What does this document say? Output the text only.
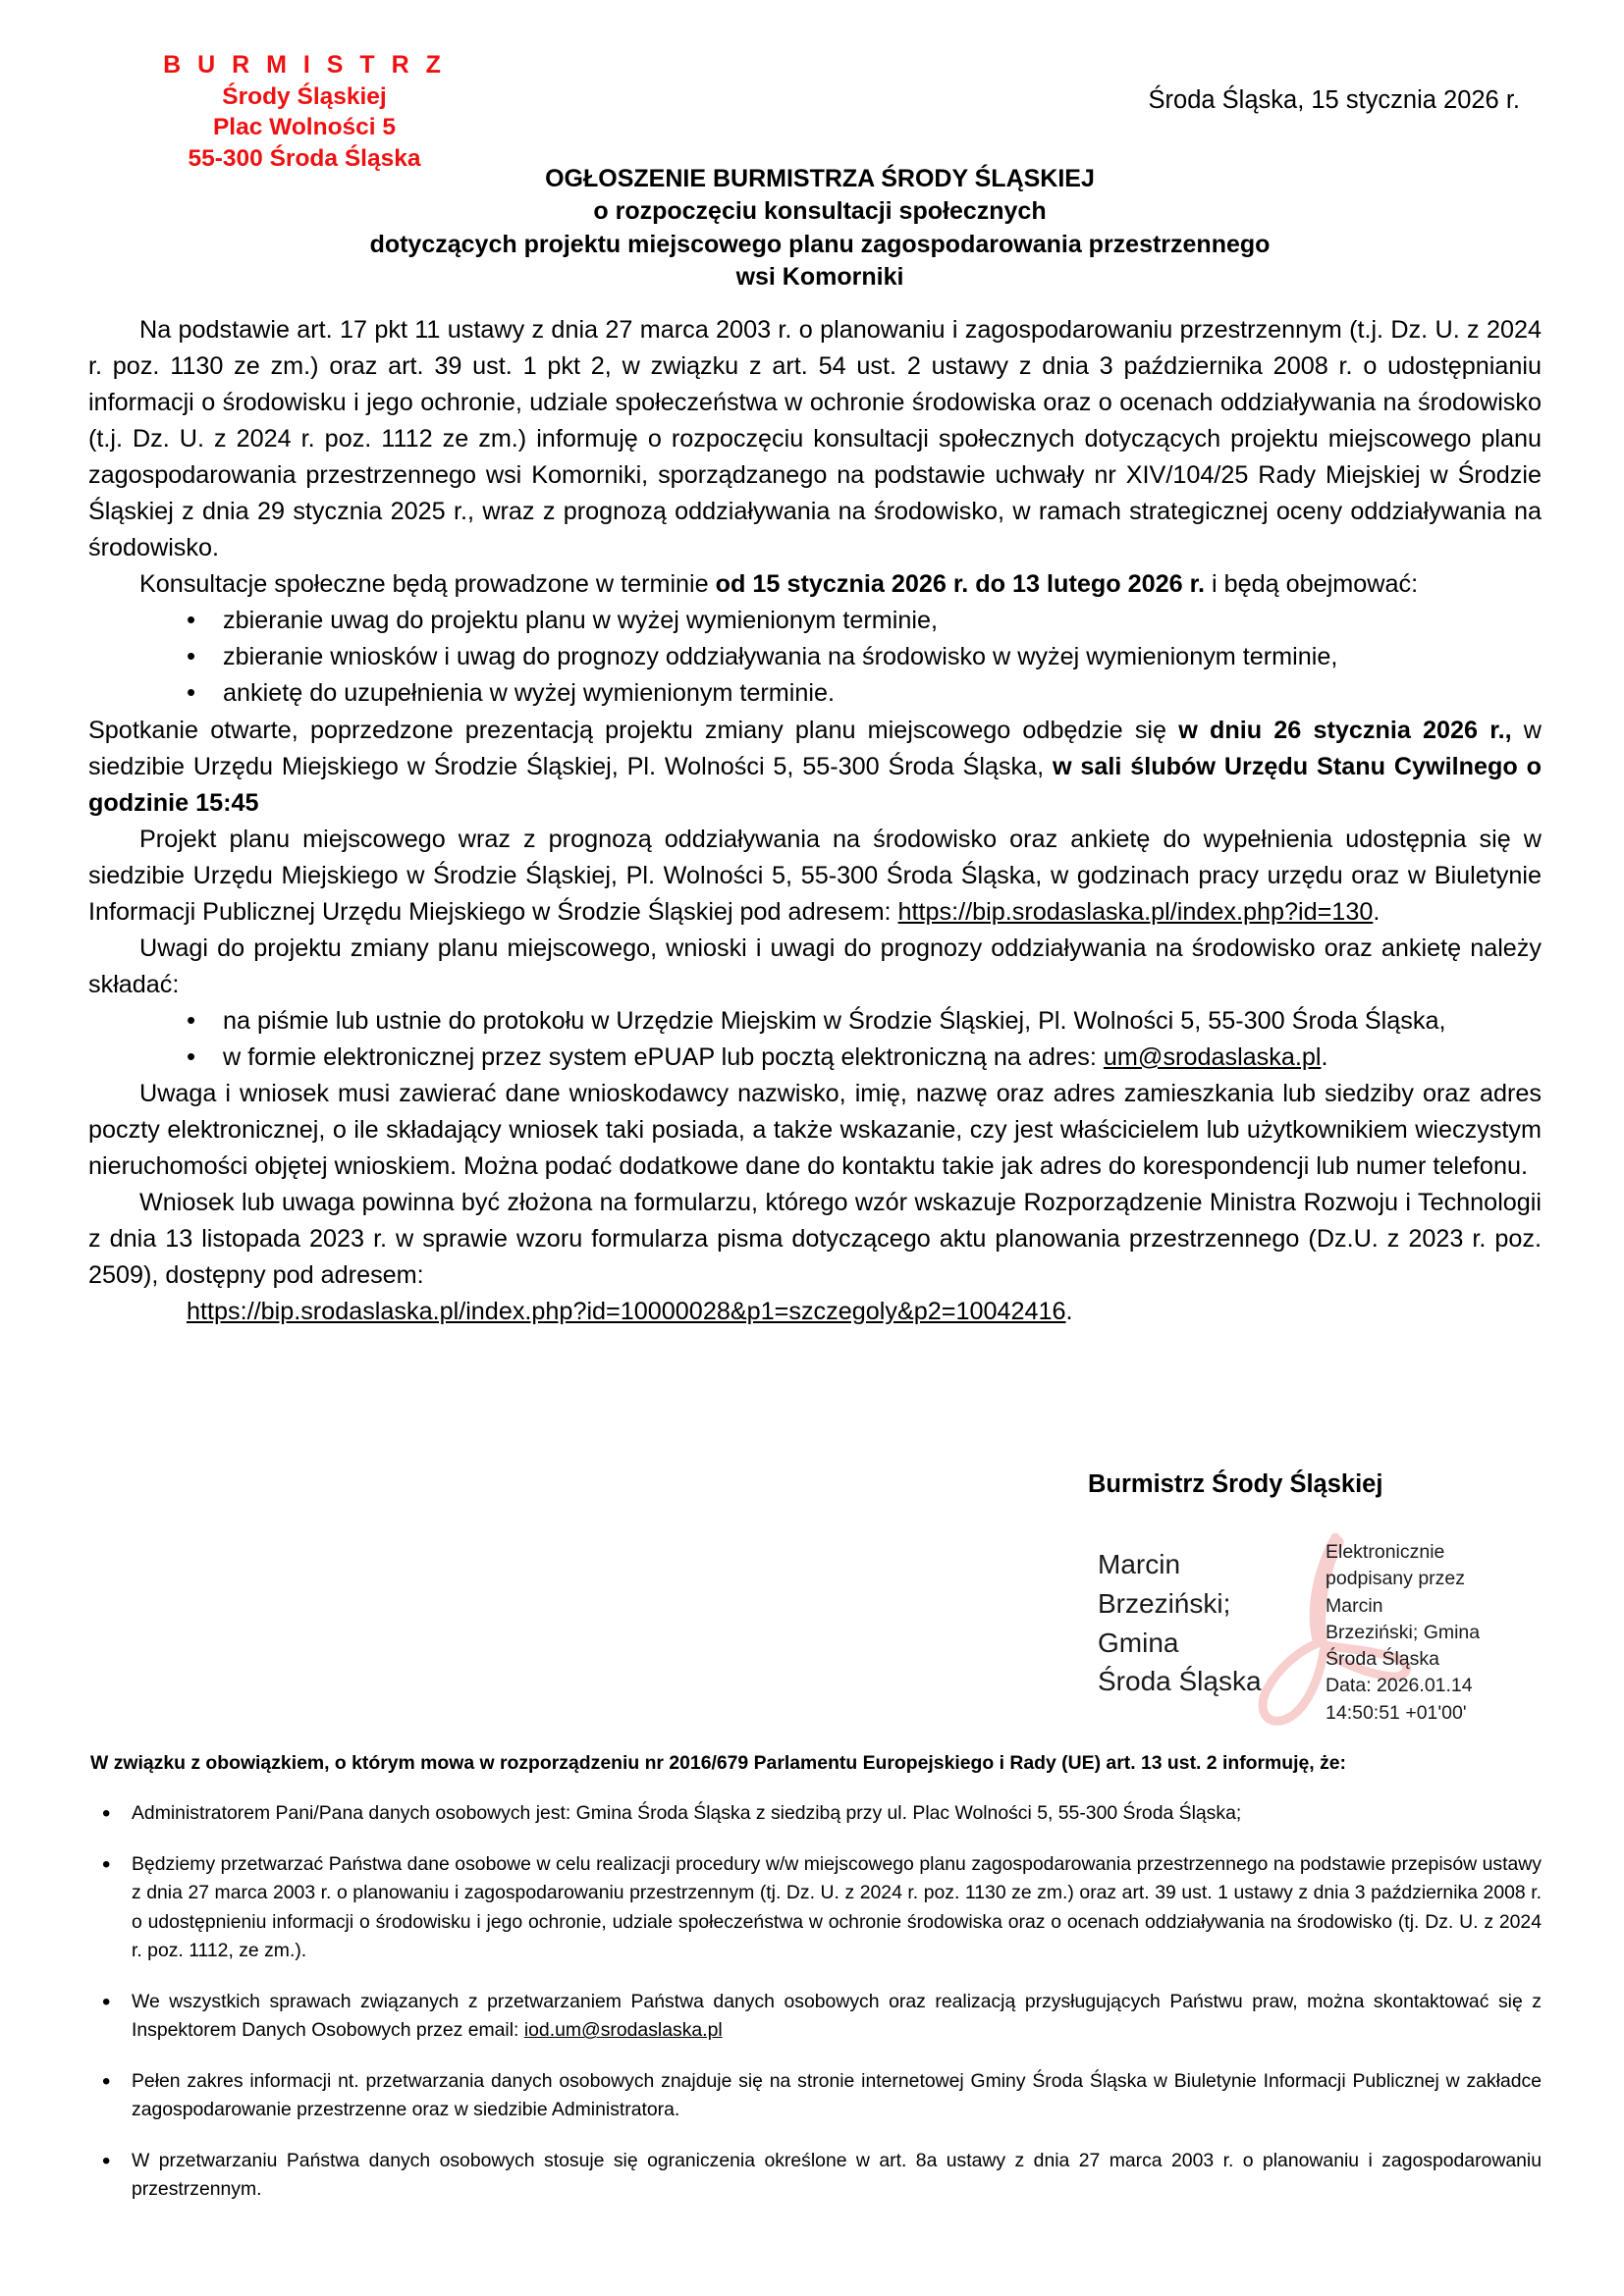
B U R M I S T R Z
Środy Śląskiej
Plac Wolności 5
55-300 Środa Śląska
Środa Śląska, 15 stycznia 2026 r.
OGŁOSZENIE BURMISTRZA ŚRODY ŚLĄSKIEJ
o rozpoczęciu konsultacji społecznych
dotyczących projektu miejscowego planu zagospodarowania przestrzennego
wsi Komorniki

Na podstawie art. 17 pkt 11 ustawy z dnia 27 marca 2003 r. o planowaniu i zagospodarowaniu przestrzennym (t.j. Dz. U. z 2024 r. poz. 1130 ze zm.) oraz art. 39 ust. 1 pkt 2, w związku z art. 54 ust. 2 ustawy z dnia 3 października 2008 r. o udostępnianiu informacji o środowisku i jego ochronie, udziale społeczeństwa w ochronie środowiska oraz o ocenach oddziaływania na środowisko (t.j. Dz. U. z 2024 r. poz. 1112 ze zm.) informuję o rozpoczęciu konsultacji społecznych dotyczących projektu miejscowego planu zagospodarowania przestrzennego wsi Komorniki, sporządzanego na podstawie uchwały nr XIV/104/25 Rady Miejskiej w Środzie Śląskiej z dnia 29 stycznia 2025 r., wraz z prognozą oddziaływania na środowisko, w ramach strategicznej oceny oddziaływania na środowisko.

Konsultacje społeczne będą prowadzone w terminie od 15 stycznia 2026 r. do 13 lutego 2026 r. i będą obejmować:

• zbieranie uwag do projektu planu w wyżej wymienionym terminie,
• zbieranie wniosków i uwag do prognozy oddziaływania na środowisko w wyżej wymienionym terminie,
• ankietę do uzupełnienia w wyżej wymienionym terminie.

Spotkanie otwarte, poprzedzone prezentacją projektu zmiany planu miejscowego odbędzie się w dniu 26 stycznia 2026 r., w siedzibie Urzędu Miejskiego w Środzie Śląskiej, Pl. Wolności 5, 55-300 Środa Śląska, w sali ślubów Urzędu Stanu Cywilnego o godzinie 15:45

Projekt planu miejscowego wraz z prognozą oddziaływania na środowisko oraz ankietę do wypełnienia udostępnia się w siedzibie Urzędu Miejskiego w Środzie Śląskiej, Pl. Wolności 5, 55-300 Środa Śląska, w godzinach pracy urzędu oraz w Biuletynie Informacji Publicznej Urzędu Miejskiego w Środzie Śląskiej pod adresem: https://bip.srodaslaska.pl/index.php?id=130.

Uwagi do projektu zmiany planu miejscowego, wnioski i uwagi do prognozy oddziaływania na środowisko oraz ankietę należy składać:

• na piśmie lub ustnie do protokołu w Urzędzie Miejskim w Środzie Śląskiej, Pl. Wolności 5, 55-300 Środa Śląska,
• w formie elektronicznej przez system ePUAP lub pocztą elektroniczną na adres: um@srodaslaska.pl.

Uwaga i wniosek musi zawierać dane wnioskodawcy nazwisko, imię, nazwę oraz adres zamieszkania lub siedziby oraz adres poczty elektronicznej, o ile składający wniosek taki posiada, a także wskazanie, czy jest właścicielem lub użytkownikiem wieczystym nieruchomości objętej wnioskiem. Można podać dodatkowe dane do kontaktu takie jak adres do korespondencji lub numer telefonu.

Wniosek lub uwaga powinna być złożona na formularzu, którego wzór wskazuje Rozporządzenie Ministra Rozwoju i Technologii z dnia 13 listopada 2023 r. w sprawie wzoru formularza pisma dotyczącego aktu planowania przestrzennego (Dz.U. z 2023 r. poz. 2509), dostępny pod adresem:

https://bip.srodaslaska.pl/index.php?id=10000028&p1=szczegoly&p2=10042416.

Burmistrz Środy Śląskiej
Marcin
Brzeziński;
Gmina
Środa Śląska
Elektronicznie
podpisany przez
Marcin
Brzeziński; Gmina
Środa Śląska
Data: 2026.01.14
14:50:51 +01'00'

W związku z obowiązkiem, o którym mowa w rozporządzeniu nr 2016/679 Parlamentu Europejskiego i Rady (UE) art. 13 ust. 2 informuję, że:

• Administratorem Pani/Pana danych osobowych jest: Gmina Środa Śląska z siedzibą przy ul. Plac Wolności 5, 55-300 Środa Śląska;
• Będziemy przetwarzać Państwa dane osobowe w celu realizacji procedury w/w miejscowego planu zagospodarowania przestrzennego na podstawie przepisów ustawy z dnia 27 marca 2003 r. o planowaniu i zagospodarowaniu przestrzennym (tj. Dz. U. z 2024 r. poz. 1130 ze zm.) oraz art. 39 ust. 1 ustawy z dnia 3 października 2008 r. o udostępnieniu informacji o środowisku i jego ochronie, udziale społeczeństwa w ochronie środowiska oraz o ocenach oddziaływania na środowisko (tj. Dz. U. z 2024 r. poz. 1112, ze zm.).
• We wszystkich sprawach związanych z przetwarzaniem Państwa danych osobowych oraz realizacją przysługujących Państwu praw, można skontaktować się z Inspektorem Danych Osobowych przez email: iod.um@srodaslaska.pl
• Pełen zakres informacji nt. przetwarzania danych osobowych znajduje się na stronie internetowej Gminy Środa Śląska w Biuletynie Informacji Publicznej w zakładce zagospodarowanie przestrzenne oraz w siedzibie Administratora.
• W przetwarzaniu Państwa danych osobowych stosuje się ograniczenia określone w art. 8a ustawy z dnia 27 marca 2003 r. o planowaniu i zagospodarowaniu przestrzennym.
